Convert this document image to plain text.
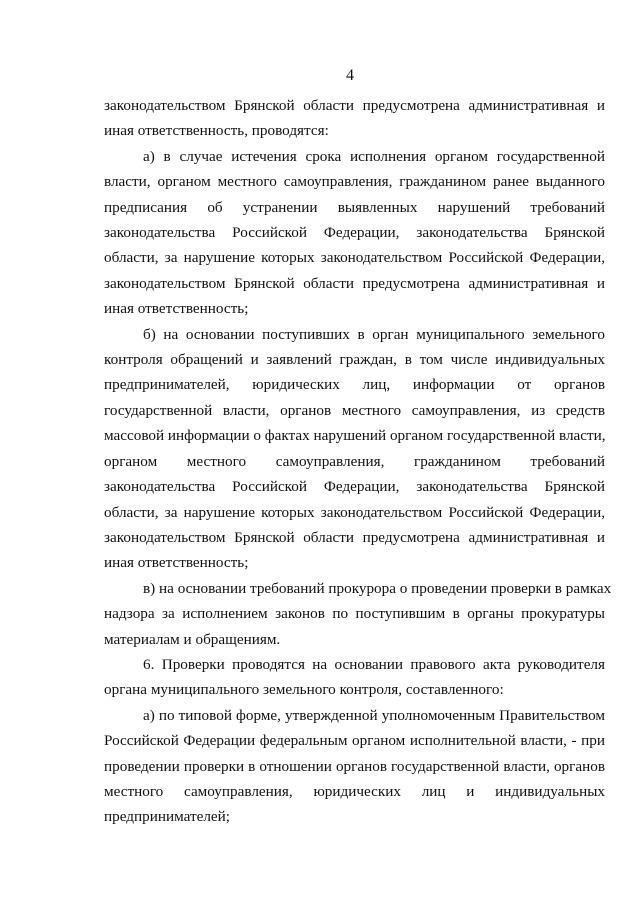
4

законодательством Брянской области предусмотрена административная и
иная ответственность, проводятся:

а) в случае истечения срока исполнения органом государственной
власти, органом местного самоуправления, гражданином ранее выданного
предписания об устранении выявленных нарушений требований
законодательства Российской Федерации, законодательства Брянской
области, за нарушение которых законодательством Российской Федерации,
законодательством Брянской области предусмотрена административная и
иная ответственность;

б) на основании поступивших в орган муниципального земельного
контроля обращений и заявлений граждан, в том числе индивидуальных
предпринимателей, юридических лиц, информации от органов
государственной власти, органов местного самоуправления, из средств
массовой информации о фактах нарушений органом государственной власти,
органом местного самоуправления, гражданином требований
законодательства Российской Федерации, законодательства Брянской
области, за нарушение которых законодательством Российской Федерации,
законодательством Брянской области предусмотрена административная и
иная ответственность;

в) на основании требований прокурора о проведении проверки в рамках
надзора за исполнением законов по поступившим в органы прокуратуры
материалам и обращениям.

6. Проверки проводятся на основании правового акта руководителя
органа муниципального земельного контроля, составленного:

а) по типовой форме, утвержденной уполномоченным Правительством
Российской Федерации федеральным органом исполнительной власти, - при
проведении проверки в отношении органов государственной власти, органов
местного самоуправления, юридических лиц и индивидуальных
предпринимателей;
